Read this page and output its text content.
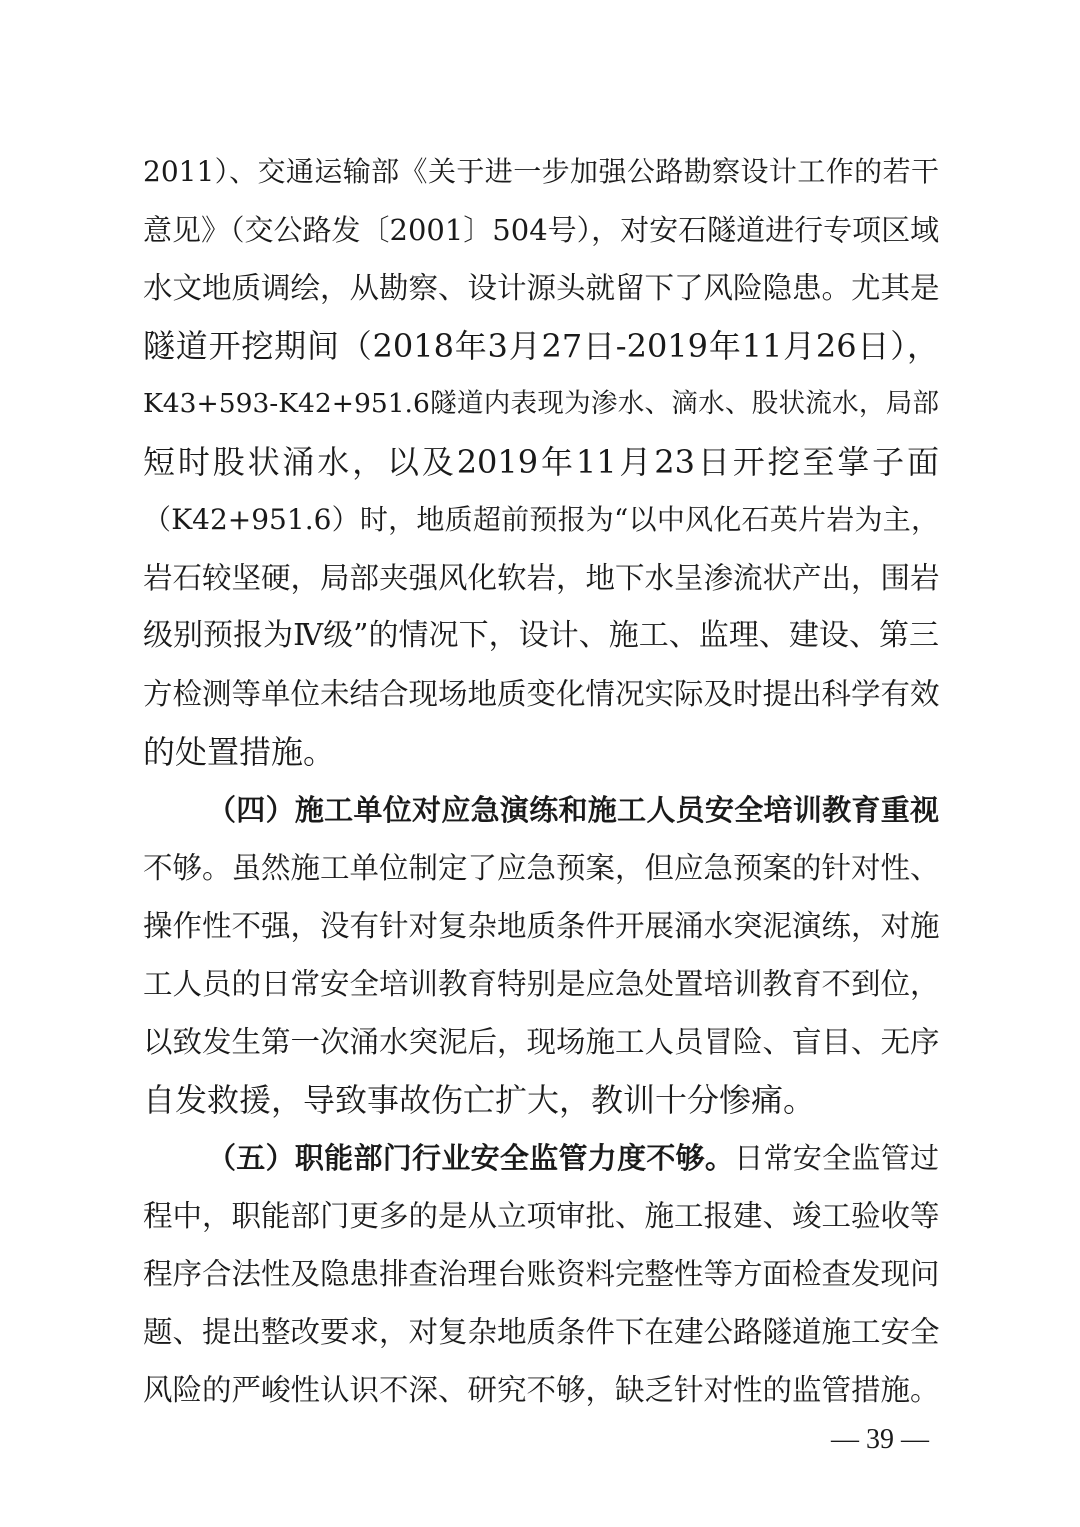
2011）、交通运输部《关于进一步加强公路勘察设计工作的若干
意见》（交公路发〔2001〕504号），对安石隧道进行专项区域
水文地质调绘，从勘察、设计源头就留下了风险隐患。尤其是
隧道开挖期间（2018年3月27日-2019年11月26日），
K43+593-K42+951.6隧道内表现为渗水、滴水、股状流水，局部
短时股状涌水，以及2019年11月23日开挖至掌子面
（K42+951.6）时，地质超前预报为“以中风化石英片岩为主，
岩石较坚硬，局部夹强风化软岩，地下水呈渗流状产出，围岩
级别预报为Ⅳ级”的情况下，设计、施工、监理、建设、第三
方检测等单位未结合现场地质变化情况实际及时提出科学有效
的处置措施。
（四）施工单位对应急演练和施工人员安全培训教育重视
不够。虽然施工单位制定了应急预案，但应急预案的针对性、
操作性不强，没有针对复杂地质条件开展涌水突泥演练，对施
工人员的日常安全培训教育特别是应急处置培训教育不到位，
以致发生第一次涌水突泥后，现场施工人员冒险、盲目、无序
自发救援，导致事故伤亡扩大，教训十分惨痛。
（五）职能部门行业安全监管力度不够。日常安全监管过
程中，职能部门更多的是从立项审批、施工报建、竣工验收等
程序合法性及隐患排查治理台账资料完整性等方面检查发现问
题、提出整改要求，对复杂地质条件下在建公路隧道施工安全
风险的严峻性认识不深、研究不够，缺乏针对性的监管措施。
— 39 —
